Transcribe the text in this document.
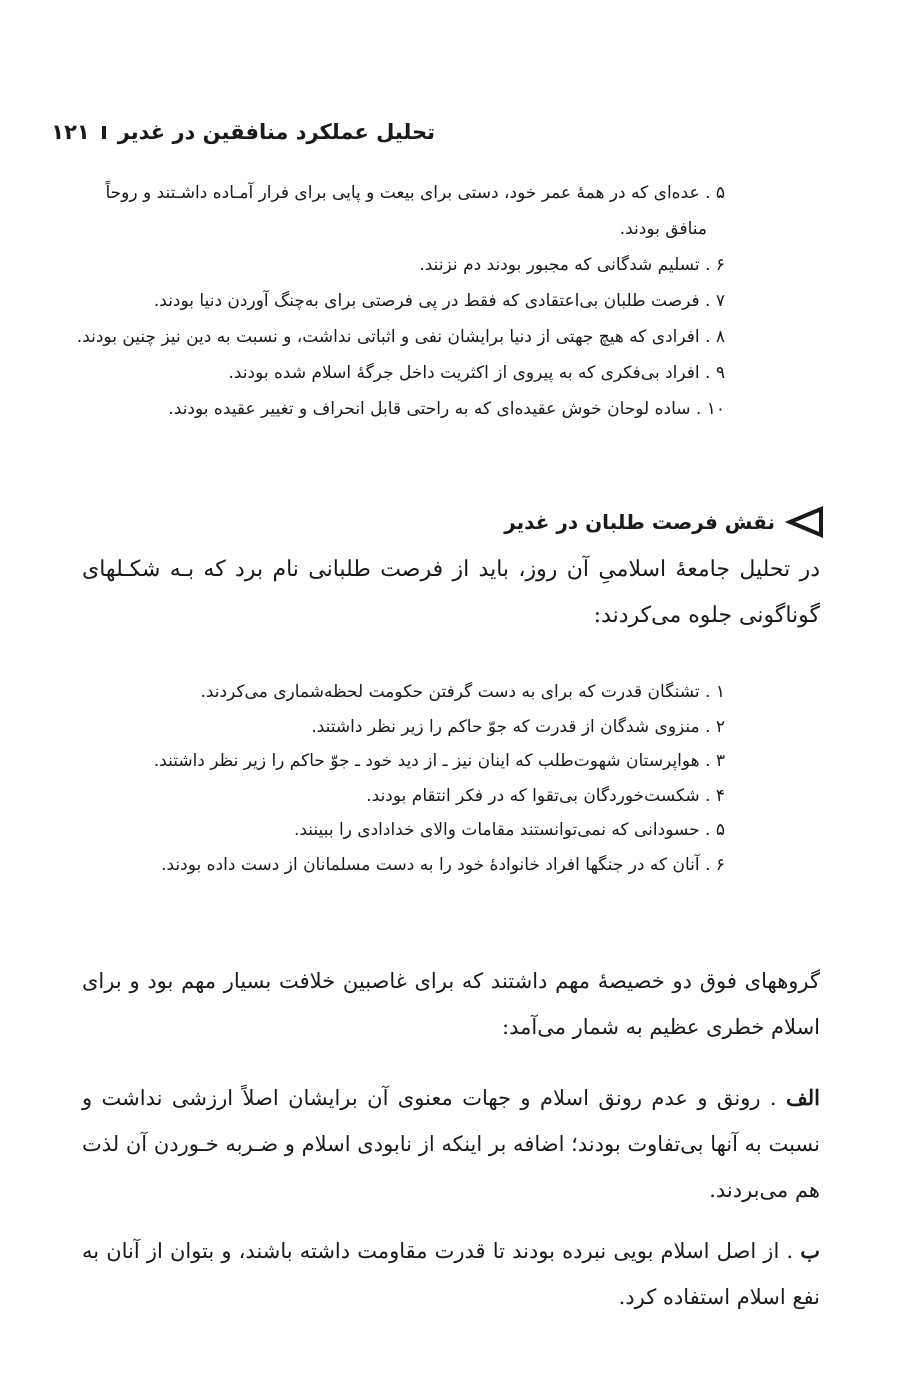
تحلیل عملکرد منافقین در غدیر
۱۲۱
۵ . عده‌ای که در همهٔ عمر خود، دستی برای بیعت و پایی برای فرار آمـاده داشـتند و روحاً
منافق بودند.
۶ . تسلیم شدگانی که مجبور بودند دم نزنند.
۷ . فرصت طلبان بی‌اعتقادی که فقط در پی فرصتی برای به‌چنگ آوردن دنیا بودند.
۸ . افرادی که هیچ جهتی از دنیا برایشان نفی و اثباتی نداشت، و نسبت به دین نیز چنین بودند.
۹ . افراد بی‌فکری که به پیروی از اکثریت داخل جرگهٔ اسلام شده بودند.
۱۰ . ساده لوحان خوش عقیده‌ای که به راحتی قابل انحراف و تغییر عقیده بودند.
نقش فرصت طلبان در غدیر

در تحلیل جامعهٔ اسلامیِ آن روز، باید از فرصت طلبانی نام برد که بـه شکـلهای گوناگونی جلوه می‌کردند:

۱ . تشنگان قدرت که برای به دست گرفتن حکومت لحظه‌شماری می‌کردند.
۲ . منزوی شدگان از قدرت که جوّ حاکم را زیر نظر داشتند.
۳ . هواپرستان شهوت‌طلب که اینان نیز ـ از دید خود ـ جوّ حاکم را زیر نظر داشتند.
۴ . شکست‌خوردگان بی‌تقوا که در فکر انتقام بودند.
۵ . حسودانی که نمی‌توانستند مقامات والای خدادادی را ببینند.
۶ . آنان که در جنگها افراد خانوادهٔ خود را به دست مسلمانان از دست داده بودند.

گروههای فوق دو خصیصهٔ مهم داشتند که برای غاصبین خلافت بسیار مهم بود و برای اسلام خطری عظیم به شمار می‌آمد:

الف . رونق و عدم رونق اسلام و جهات معنوی آن برایشان اصلاً ارزشی نداشت و نسبت به آنها بی‌تفاوت بودند؛ اضافه بر اینکه از نابودی اسلام و ضـربه خـوردن آن لذت هم می‌بردند.

ب . از اصل اسلام بویی نبرده بودند تا قدرت مقاومت داشته باشند، و بتوان از آنان به نفع اسلام استفاده کرد.
